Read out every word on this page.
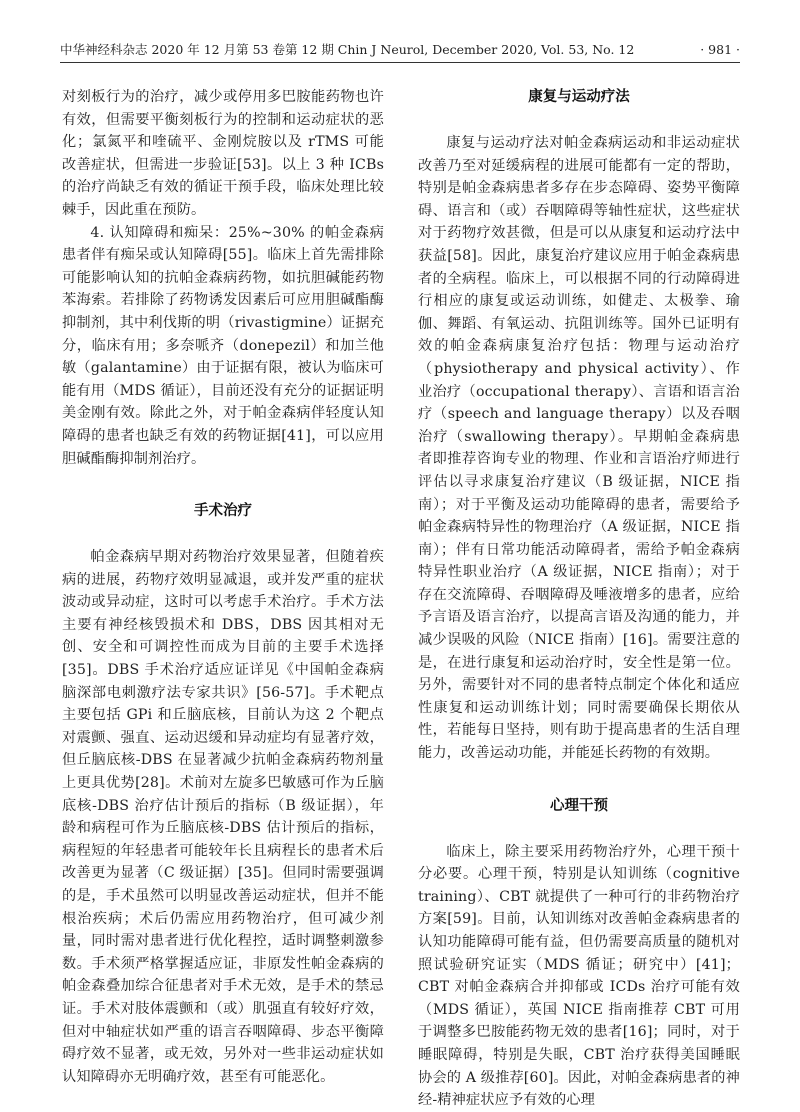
中华神经科杂志 2020 年 12 月第 53 卷第 12 期 Chin J Neurol, December 2020, Vol. 53, No. 12	· 981 ·

对刻板行为的治疗，减少或停用多巴胺能药物也许有效，但需要平衡刻板行为的控制和运动症状的恶化；氯氮平和喹硫平、金刚烷胺以及 rTMS 可能改善症状，但需进一步验证[53]。以上 3 种 ICBs 的治疗尚缺乏有效的循证干预手段，临床处理比较棘手，因此重在预防。

4. 认知障碍和痴呆：25%~30% 的帕金森病患者伴有痴呆或认知障碍[55]。临床上首先需排除可能影响认知的抗帕金森病药物，如抗胆碱能药物苯海索。若排除了药物诱发因素后可应用胆碱酯酶抑制剂，其中利伐斯的明（rivastigmine）证据充分，临床有用；多奈哌齐（donepezil）和加兰他敏（galantamine）由于证据有限，被认为临床可能有用（MDS 循证），目前还没有充分的证据证明美金刚有效。除此之外，对于帕金森病伴轻度认知障碍的患者也缺乏有效的药物证据[41]，可以应用胆碱酯酶抑制剂治疗。

手术治疗

帕金森病早期对药物治疗效果显著，但随着疾病的进展，药物疗效明显减退，或并发严重的症状波动或异动症，这时可以考虑手术治疗。手术方法主要有神经核毁损术和 DBS，DBS 因其相对无创、安全和可调控性而成为目前的主要手术选择[35]。DBS 手术治疗适应证详见《中国帕金森病脑深部电刺激疗法专家共识》[56-57]。手术靶点主要包括 GPi 和丘脑底核，目前认为这 2 个靶点对震颤、强直、运动迟缓和异动症均有显著疗效，但丘脑底核-DBS 在显著减少抗帕金森病药物剂量上更具优势[28]。术前对左旋多巴敏感可作为丘脑底核-DBS 治疗估计预后的指标（B 级证据），年龄和病程可作为丘脑底核-DBS 估计预后的指标，病程短的年轻患者可能较年长且病程长的患者术后改善更为显著（C 级证据）[35]。但同时需要强调的是，手术虽然可以明显改善运动症状，但并不能根治疾病；术后仍需应用药物治疗，但可减少剂量，同时需对患者进行优化程控，适时调整刺激参数。手术须严格掌握适应证，非原发性帕金森病的帕金森叠加综合征患者对手术无效，是手术的禁忌证。手术对肢体震颤和（或）肌强直有较好疗效，但对中轴症状如严重的语言吞咽障碍、步态平衡障碍疗效不显著，或无效，另外对一些非运动症状如认知障碍亦无明确疗效，甚至有可能恶化。

康复与运动疗法

康复与运动疗法对帕金森病运动和非运动症状改善乃至对延缓病程的进展可能都有一定的帮助，特别是帕金森病患者多存在步态障碍、姿势平衡障碍、语言和（或）吞咽障碍等轴性症状，这些症状对于药物疗效甚微，但是可以从康复和运动疗法中获益[58]。因此，康复治疗建议应用于帕金森病患者的全病程。临床上，可以根据不同的行动障碍进行相应的康复或运动训练，如健走、太极拳、瑜伽、舞蹈、有氧运动、抗阻训练等。国外已证明有效的帕金森病康复治疗包括：物理与运动治疗（physiotherapy and physical activity）、作业治疗（occupational therapy）、言语和语言治疗（speech and language therapy）以及吞咽治疗（swallowing therapy）。早期帕金森病患者即推荐咨询专业的物理、作业和言语治疗师进行评估以寻求康复治疗建议（B 级证据，NICE 指南）；对于平衡及运动功能障碍的患者，需要给予帕金森病特异性的物理治疗（A 级证据，NICE 指南）；伴有日常功能活动障碍者，需给予帕金森病特异性职业治疗（A 级证据，NICE 指南）；对于存在交流障碍、吞咽障碍及唾液增多的患者，应给予言语及语言治疗，以提高言语及沟通的能力，并减少误吸的风险（NICE 指南）[16]。需要注意的是，在进行康复和运动治疗时，安全性是第一位。另外，需要针对不同的患者特点制定个体化和适应性康复和运动训练计划；同时需要确保长期依从性，若能每日坚持，则有助于提高患者的生活自理能力，改善运动功能，并能延长药物的有效期。

心理干预

临床上，除主要采用药物治疗外，心理干预十分必要。心理干预，特别是认知训练（cognitive training）、CBT 就提供了一种可行的非药物治疗方案[59]。目前，认知训练对改善帕金森病患者的认知功能障碍可能有益，但仍需要高质量的随机对照试验研究证实（MDS 循证；研究中）[41]；CBT 对帕金森病合并抑郁或 ICDs 治疗可能有效（MDS 循证），英国 NICE 指南推荐 CBT 可用于调整多巴胺能药物无效的患者[16]；同时，对于睡眠障碍，特别是失眠，CBT 治疗获得美国睡眠协会的 A 级推荐[60]。因此，对帕金森病患者的神经-精神症状应予有效的心理
